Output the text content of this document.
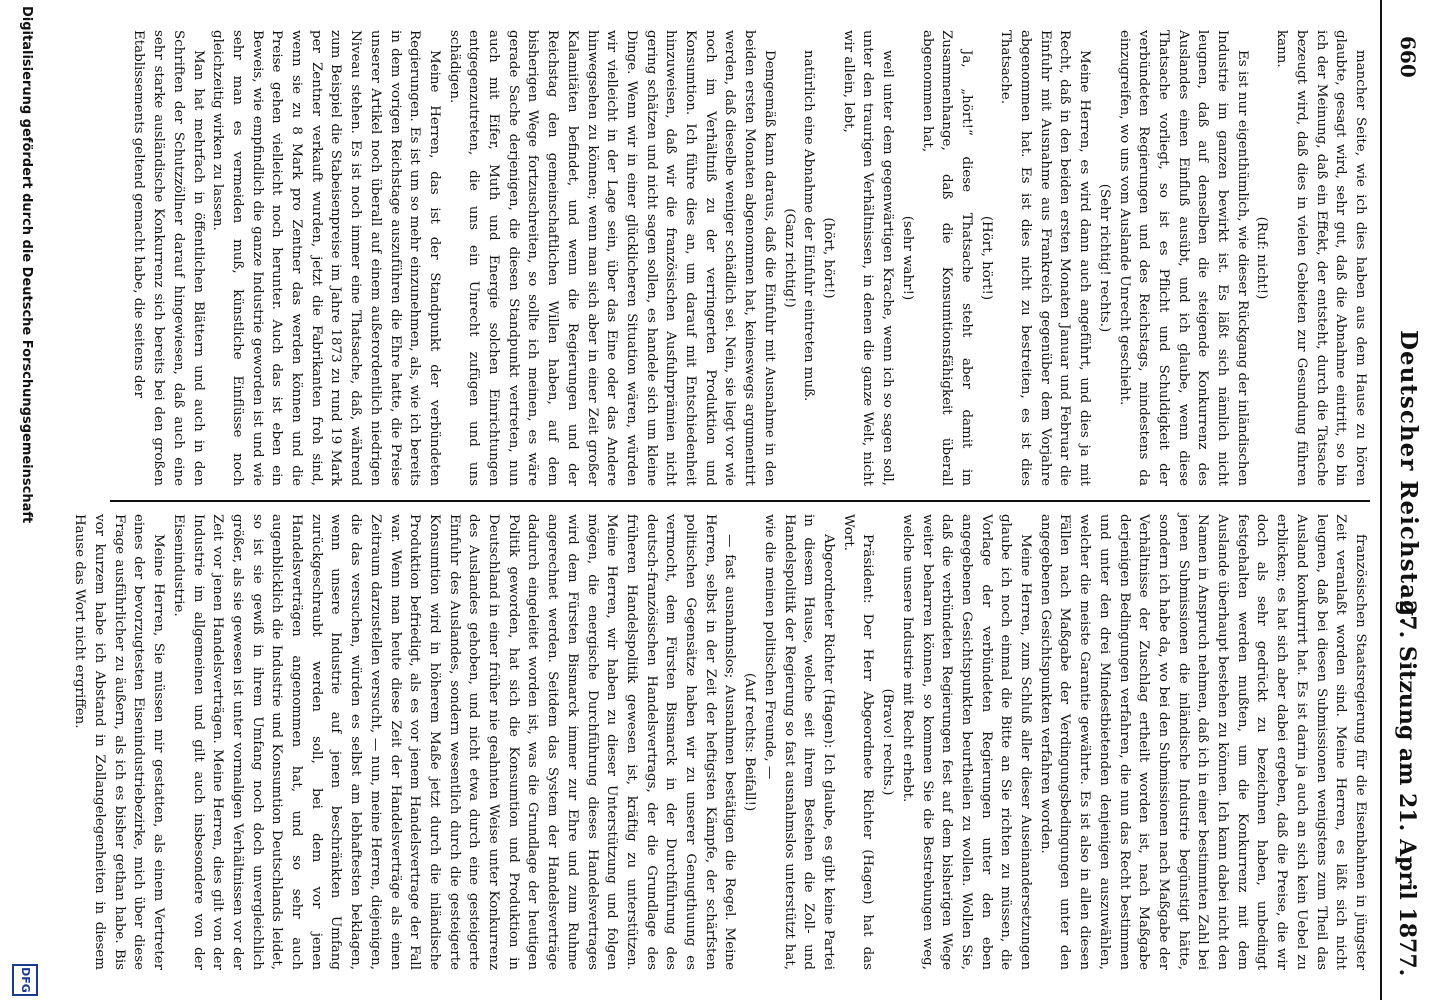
660
Deutscher Reichstag.
27. Sitzung am 21. April 1877.

mancher Seite, wie ich dies haben aus dem Hause zu hören glaubte, gesagt wird, sehr gut, daß die Abnahme eintritt, so bin ich der Meinung, daß ein Effekt, der entsteht, durch die Tatsache bezeugt wird, daß dies in vielen Gebieten zur Gesundung führen kann.

(Ruf: nicht!)

Es ist nur eigenthümlich, wie dieser Rückgang der inländischen Industrie im ganzen bewirkt ist. Es läßt sich nämlich nicht leugnen, daß auf denselben die steigende Konkurrenz des Auslandes einen Einfluß ausübt, und ich glaube, wenn diese Thatsache vorliegt, so ist es Pflicht und Schuldigkeit der verbündeten Regierungen und des Reichstags, mindestens da einzugreifen, wo uns vom Auslande Unrecht geschieht.

(Sehr richtig! rechts.)

Meine Herren, es wird dann auch angeführt, und dies ja mit Recht, daß in den beiden ersten Monaten Januar und Februar die Einfuhr mit Ausnahme aus Frankreich gegenüber dem Vorjahre abgenommen hat. Es ist dies nicht zu bestreiten, es ist dies Thatsache.

(Hört, hört!)

Ja, „hört!“ diese Thatsache steht aber damit im Zusammenhange, daß die Konsumtionsfähigkeit überall abgenommen hat,

(sehr wahr!)

weil unter dem gegenwärtigen Krache, wenn ich so sagen soll, unter den traurigen Verhältnissen, in denen die ganze Welt, nicht wir allein, lebt,

(hört, hört!)

natürlich eine Abnahme der Einfuhr eintreten muß.

(Ganz richtig!)

Demgemäß kann daraus, daß die Einfuhr mit Ausnahme in den beiden ersten Monaten abgenommen hat, keineswegs argumentirt werden, daß dieselbe weniger schädlich sei. Nein, sie liegt vor wie noch im Verhältniß zu der verringerten Produktion und Konsumtion. Ich führe dies an, um darauf mit Entschiedenheit hinzuweisen, daß wir die französischen Ausfuhrprämien nicht gering schätzen und nicht sagen sollen, es handele sich um kleine Dinge. Wenn wir in einer glücklicheren Situation wären, würden wir vielleicht in der Lage sein, über das Eine oder das Andere hinwegsehen zu können; wenn man sich aber in einer Zeit großer Kalamitäten befindet, und wenn die Regierungen und der Reichstag den gemeinschaftlichen Willen haben, auf dem bisherigen Wege fortzuschreiten, so sollte ich meinen, es wäre gerade Sache derjenigen, die diesen Standpunkt vertreten, nun auch mit Eifer, Muth und Energie solchen Einrichtungen entgegenzutreten, die uns ein Unrecht zufügen und uns schädigen.

Meine Herren, das ist der Standpunkt der verbündeten Regierungen. Es ist um so mehr einzunehmen, als, wie ich bereits in dem vorigen Reichstage auszuführen die Ehre hatte, die Preise unserer Artikel noch überall auf einem außerordentlich niedrigen Niveau stehen. Es ist noch immer eine Thatsache, daß, während zum Beispiel die Stabeisenpreise im Jahre 1873 zu rund 19 Mark per Zentner verkauft wurden, jetzt die Fabrikanten froh sind, wenn sie zu 8 Mark pro Zentner das werden können und die Preise gehen vielleicht noch herunter. Auch das ist eben ein Beweis, wie empfindlich die ganze Industrie geworden ist und wie sehr man es vermeiden muß, künstliche Einflüsse noch gleichzeitig wirken zu lassen.

Man hat mehrfach in öffentlichen Blättern und auch in den Schriften der Schutzzöllner darauf hingewiesen, daß auch eine sehr starke ausländische Konkurrenz sich bereits bei den großen Etablissements geltend gemacht habe, die seitens der

französischen Staatsregierung für die Eisenbahnen in jüngster Zeit veranlaßt worden sind. Meine Herren, es läßt sich nicht leugnen, daß bei diesen Submissionen wenigstens zum Theil das Ausland konkurrirt hat. Es ist darin ja auch an sich kein Uebel zu erblicken; es hat sich aber dabei ergeben, daß die Preise, die wir doch als sehr gedrückt zu bezeichnen haben, unbedingt festgehalten werden mußten, um die Konkurrenz mit dem Auslande überhaupt bestehen zu können. Ich kann dabei nicht den Namen in Anspruch nehmen, daß ich in einer bestimmten Zahl bei jenen Submissionen die inländische Industrie begünstigt hätte, sondern ich habe da, wo bei den Submissionen nach Maßgabe der Verhältnisse der Zuschlag ertheilt worden ist, nach Maßgabe derjenigen Bedingungen verfahren, die nun das Recht bestimmen und unter den drei Mindestbietenden denjenigen auszuwählen, welcher die meiste Garantie gewährte. Es ist also in allen diesen Fällen nach Maßgabe der Verdingungsbedingungen unter den angegebenen Gesichtspunkten verfahren worden.

Meine Herren, zum Schluß aller dieser Auseinandersetzungen glaube ich noch einmal die Bitte an Sie richten zu müssen, die Vorlage der verbündeten Regierungen unter den eben angegebenen Gesichtspunkten beurtheilen zu wollen. Wollen Sie, daß die verbündeten Regierungen fest auf dem bisherigen Wege weiter beharren können, so kommen Sie die Bestrebungen weg, welche unsere Industrie mit Recht erhebt.

(Bravo! rechts.)

Präsident: Der Herr Abgeordnete Richter (Hagen) hat das Wort.

Abgeordneter Richter (Hagen): Ich glaube, es gibt keine Partei in diesem Hause, welche seit ihrem Bestehen die Zoll- und Handelspolitik der Regierung so fast ausnahmslos unterstützt hat, wie die meinen politischen Freunde, —

(Auf rechts: Beifall!)

— fast ausnahmslos; Ausnahmen bestätigen die Regel. Meine Herren, selbst in der Zeit der heftigsten Kämpfe, der schärfsten politischen Gegensätze haben wir zu unserer Genugthuung es vermocht, dem Fürsten Bismarck in der Durchführung des deutsch-französischen Handelsvertrags, der die Grundlage des früheren Handelspolitik gewesen ist, kräftig zu unterstützen. Meine Herren, wir haben zu dieser Unterstützung und folgen mögen, die energische Durchführung dieses Handelsvertrages wird dem Fürsten Bismarck immer zur Ehre und zum Ruhme angerechnet werden. Seitdem das System der Handelsverträge dadurch eingeleitet worden ist, was die Grundlage der heutigen Politik geworden, hat sich die Konsumtion und Produktion in Deutschland in einer früher nie geahnten Weise unter Konkurrenz des Auslandes gehoben, und nicht etwa durch eine gesteigerte Einfuhr des Auslandes, sondern wesentlich durch die gesteigerte Konsumtion wird in höherem Maße jetzt durch die inländische Produktion befriedigt, als es vor jenem Handelsvertrage der Fall war. Wenn man heute diese Zeit der Handelsverträge als einen Zeitraum darzustellen versucht, — nun, meine Herren, diejenigen, die das versuchen, würden es selbst am lebhaftesten beklagen, wenn unsere Industrie auf jenen beschränkten Umfang zurückgeschraubt werden soll, bei dem vor jenen Handelsverträgen angenommen hat, und so sehr auch augenblicklich die Industrie und Konsumtion Deutschlands leidet, so ist sie gewiß in ihrem Umfang noch doch unvergleichlich größer, als sie gewesen ist unter vormaligen Verhältnissen vor der Zeit vor jenen Handelsverträgen. Meine Herren, dies gilt von der Industrie im allgemeinen und gilt auch insbesondere von der Eisenindustrie.

Meine Herren, Sie müssen mir gestatten, als einem Vertreter eines der bevorzugtesten Eisenindustriebezirke, mich über diese Frage ausführlicher zu äußern, als ich es bisher gethan habe. Bis vor kurzem habe ich Abstand in Zollangelegenheiten in diesem Hause das Wort nicht ergriffen.

Digitalisierung gefördert durch die Deutsche Forschungsgemeinschaft
DFG
